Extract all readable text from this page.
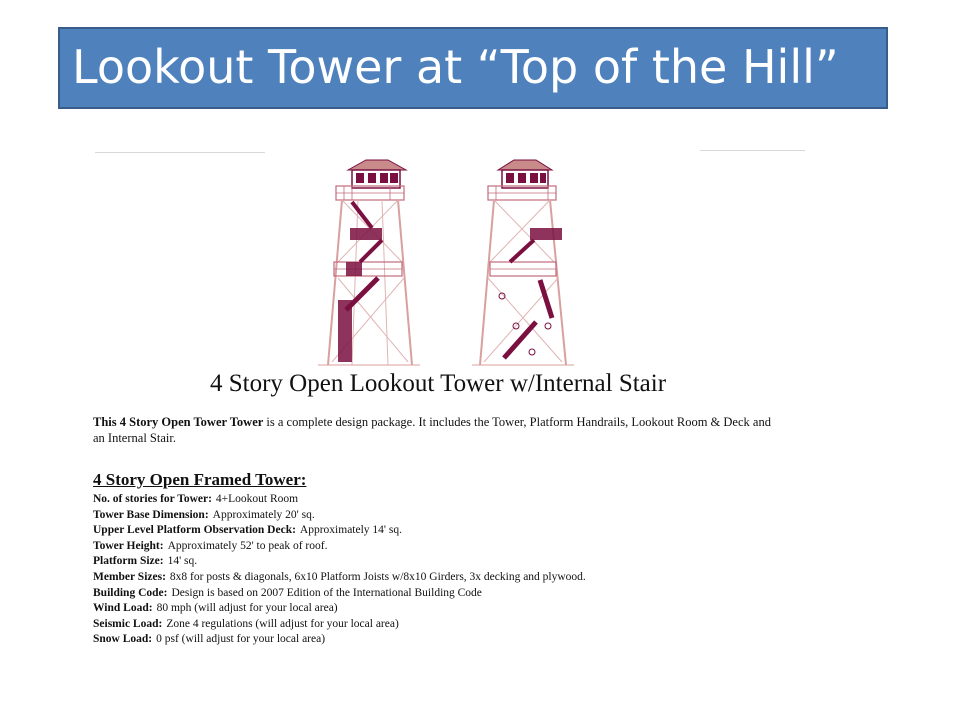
Lookout Tower at “Top of the Hill”
4 Story Open Lookout Tower w/Internal Stair
This 4 Story Open Tower Tower is a complete design package. It includes the Tower, Platform Handrails, Lookout Room & Deck and an Internal Stair.
4 Story Open Framed Tower:
No. of stories for Tower: 4+Lookout Room
Tower Base Dimension: Approximately 20' sq.
Upper Level Platform Observation Deck: Approximately 14' sq.
Tower Height: Approximately 52' to peak of roof.
Platform Size: 14' sq.
Member Sizes: 8x8 for posts & diagonals, 6x10 Platform Joists w/8x10 Girders, 3x decking and plywood.
Building Code: Design is based on 2007 Edition of the International Building Code
Wind Load: 80 mph (will adjust for your local area)
Seismic Load: Zone 4 regulations (will adjust for your local area)
Snow Load: 0 psf (will adjust for your local area)
